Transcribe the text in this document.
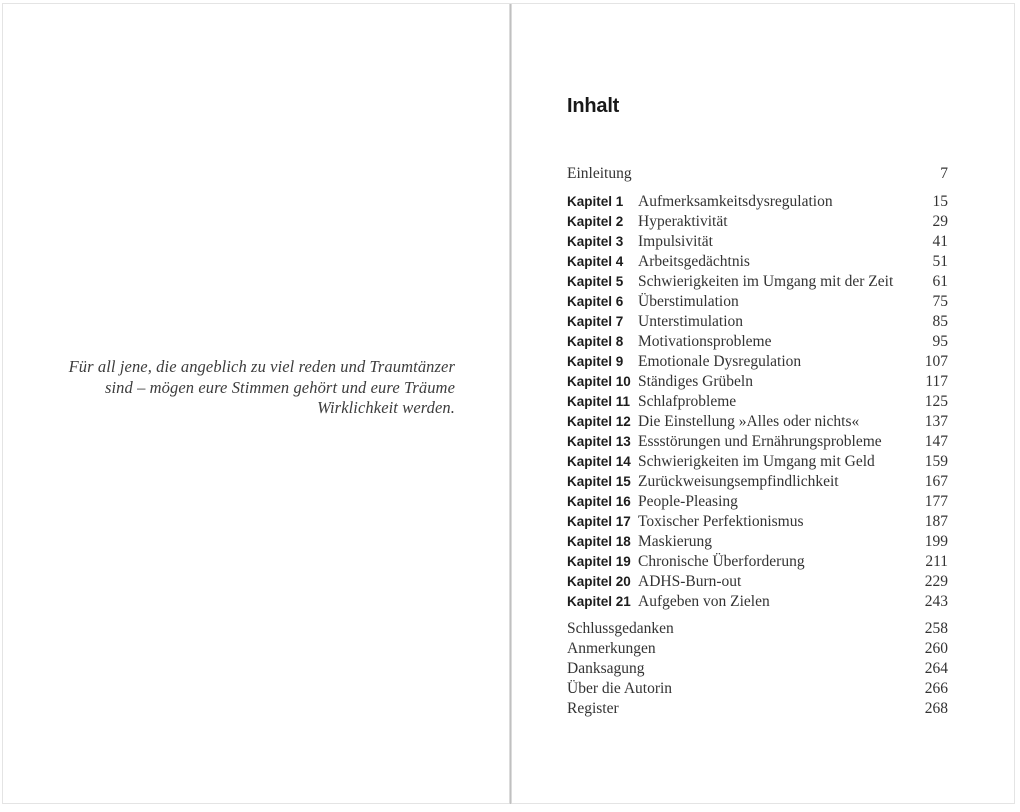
Für all jene, die angeblich zu viel reden und Traumtänzer
sind – mögen eure Stimmen gehört und eure Träume
Wirklichkeit werden.
Inhalt
Einleitung	7
Kapitel 1 Aufmerksamkeitsdysregulation	15
Kapitel 2 Hyperaktivität	29
Kapitel 3 Impulsivität	41
Kapitel 4 Arbeitsgedächtnis	51
Kapitel 5 Schwierigkeiten im Umgang mit der Zeit	61
Kapitel 6 Überstimulation	75
Kapitel 7 Unterstimulation	85
Kapitel 8 Motivationsprobleme	95
Kapitel 9 Emotionale Dysregulation	107
Kapitel 10 Ständiges Grübeln	117
Kapitel 11 Schlafprobleme	125
Kapitel 12 Die Einstellung »Alles oder nichts«	137
Kapitel 13 Essstörungen und Ernährungsprobleme	147
Kapitel 14 Schwierigkeiten im Umgang mit Geld	159
Kapitel 15 Zurückweisungsempfindlichkeit	167
Kapitel 16 People-Pleasing	177
Kapitel 17 Toxischer Perfektionismus	187
Kapitel 18 Maskierung	199
Kapitel 19 Chronische Überforderung	211
Kapitel 20 ADHS-Burn-out	229
Kapitel 21 Aufgeben von Zielen	243
Schlussgedanken	258
Anmerkungen	260
Danksagung	264
Über die Autorin	266
Register	268
